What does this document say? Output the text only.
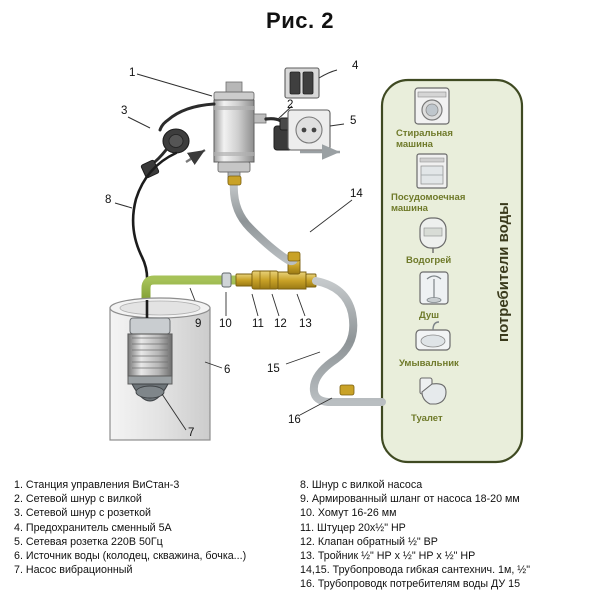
Рис. 2
Стиральная
машина
Посудомоечная
машина
Водогрей
Душ
Умывальник
Туалет
потребители воды
1
2
3
4
5
6
7
8
9 10 11 12 13
14
15
16
1. Станция управления ВиСтан-3
2. Сетевой шнур с вилкой
3. Сетевой шнур с розеткой
4. Предохранитель сменный 5А
5. Сетевая розетка 220В 50Гц
6. Источник воды (колодец, скважина, бочка...)
7. Насос вибрационный
8. Шнур с вилкой насоса
9. Армированный шланг от насоса 18-20 мм
10. Хомут 16-26 мм
11. Штуцер 20х½" НР
12. Клапан обратный ½" ВР
13. Тройник ½" НР х ½" НР х ½" НР
14,15. Трубопровода гибкая сантехнич. 1м, ½"
16. Трубопроводк потребителям воды ДУ 15
